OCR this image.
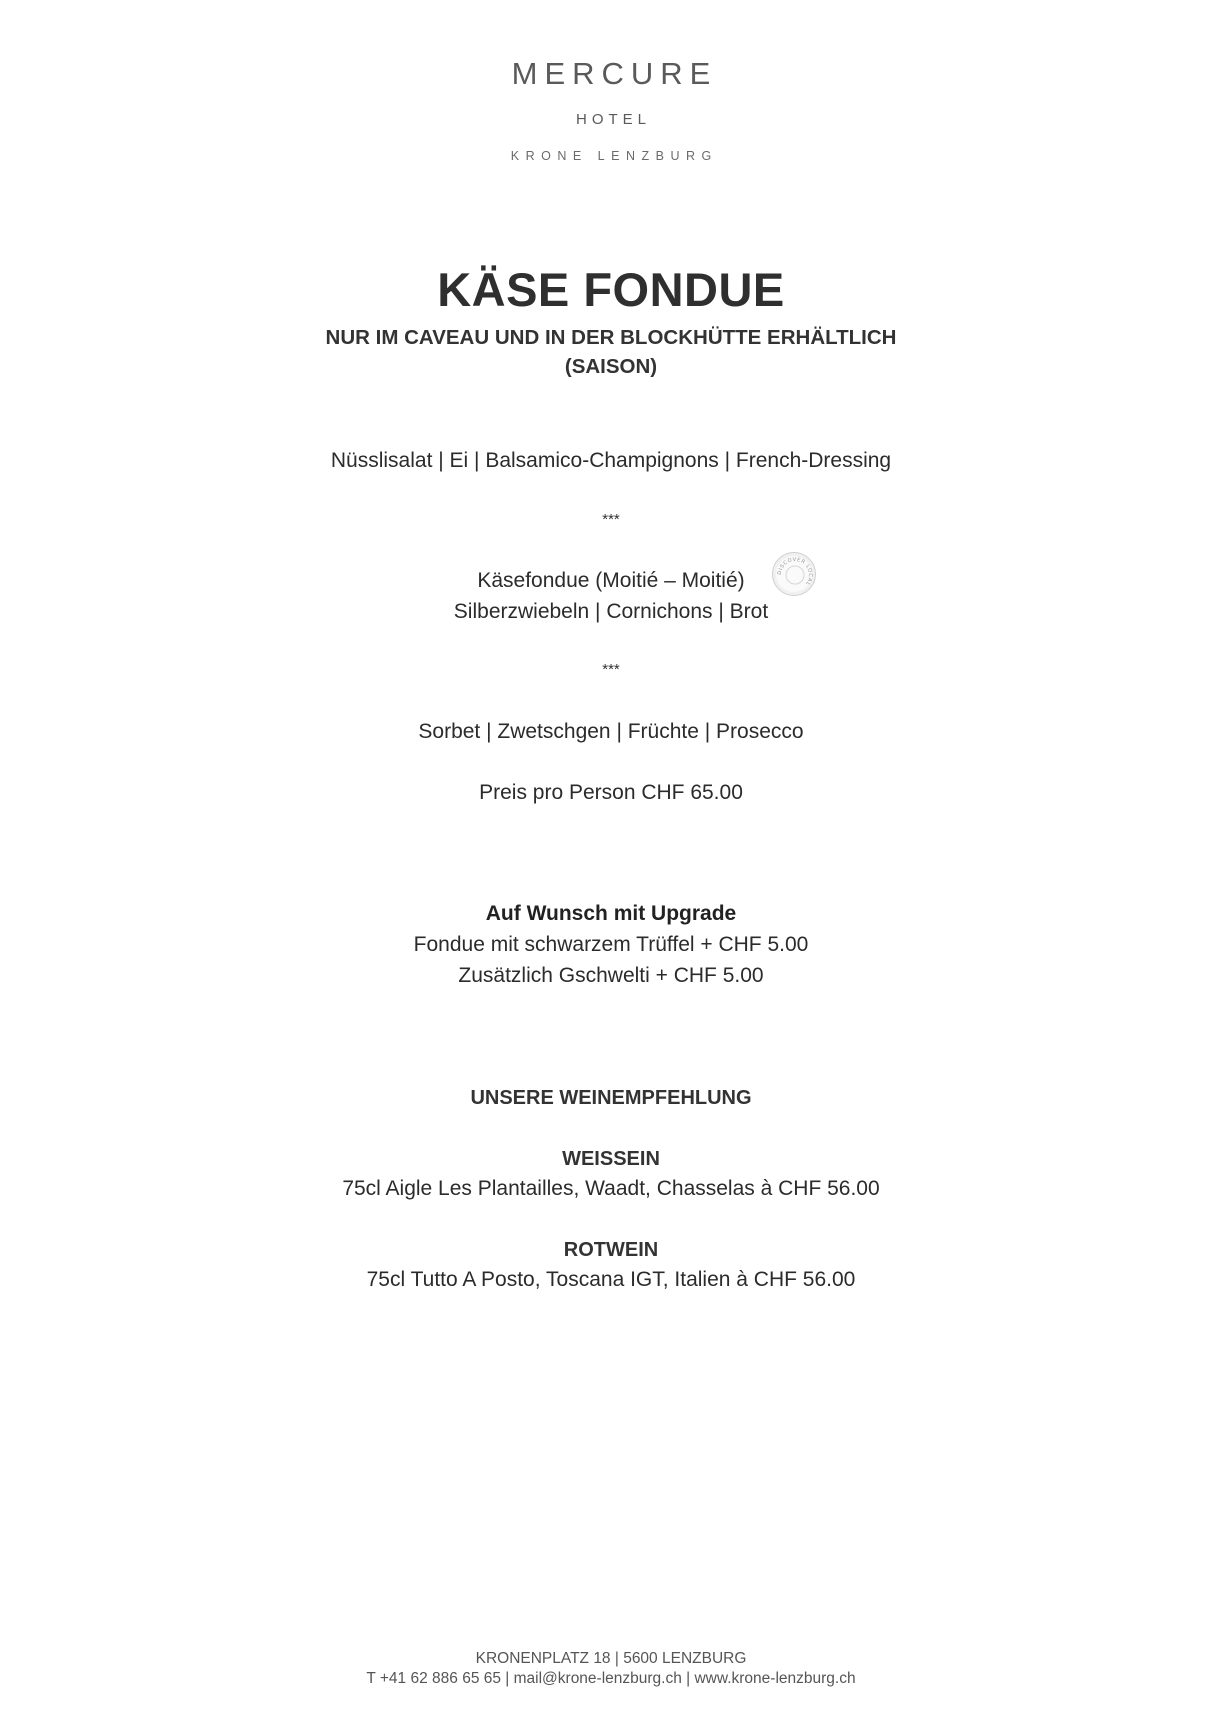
MERCURE
HOTEL
KRONE LENZBURG
KÄSE FONDUE
NUR IM CAVEAU UND IN DER BLOCKHÜTTE ERHÄLTLICH
(SAISON)
Nüsslisalat | Ei | Balsamico-Champignons | French-Dressing
***
Käsefondue (Moitié – Moitié)	DISCOVER LOCAL
Silberzwiebeln | Cornichons | Brot
***
Sorbet | Zwetschgen | Früchte | Prosecco
Preis pro Person CHF 65.00
Auf Wunsch mit Upgrade
Fondue mit schwarzem Trüffel + CHF 5.00
Zusätzlich Gschwelti + CHF 5.00
UNSERE WEINEMPFEHLUNG
WEISSEIN
75cl Aigle Les Plantailles, Waadt, Chasselas à CHF 56.00
ROTWEIN
75cl Tutto A Posto, Toscana IGT, Italien à CHF 56.00
KRONENPLATZ 18 | 5600 LENZBURG
T +41 62 886 65 65 | mail@krone-lenzburg.ch | www.krone-lenzburg.ch
